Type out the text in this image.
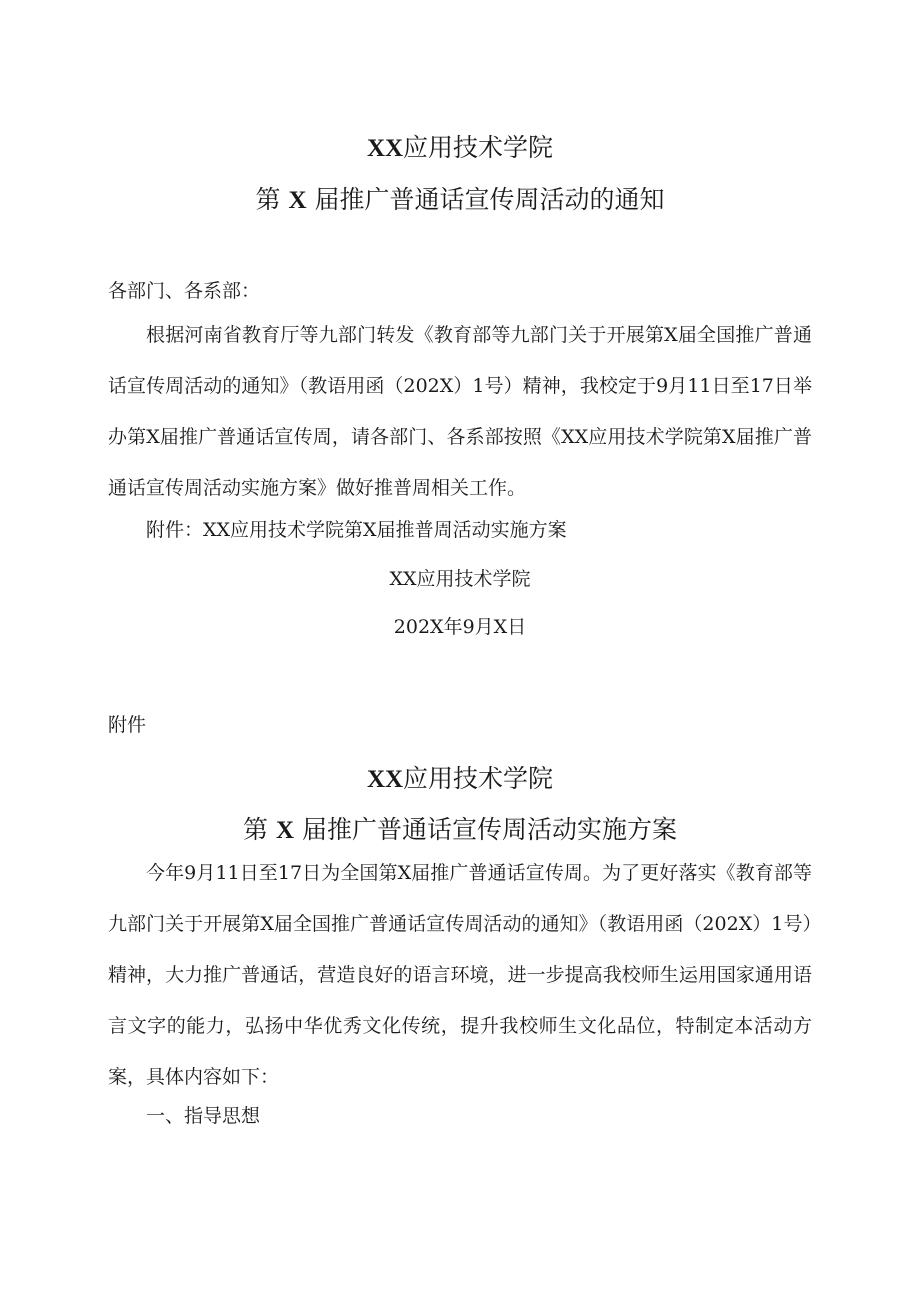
XX应用技术学院
第 X 届推广普通话宣传周活动的通知
各部门、各系部：
根据河南省教育厅等九部门转发《教育部等九部门关于开展第X届全国推广普通话宣传周活动的通知》（教语用函（202X）1号）精神，我校定于9月11日至17日举办第X届推广普通话宣传周，请各部门、各系部按照《XX应用技术学院第X届推广普通话宣传周活动实施方案》做好推普周相关工作。
附件：XX应用技术学院第X届推普周活动实施方案
XX应用技术学院
202X年9月X日
附件
XX应用技术学院
第 X 届推广普通话宣传周活动实施方案
今年9月11日至17日为全国第X届推广普通话宣传周。为了更好落实《教育部等九部门关于开展第X届全国推广普通话宣传周活动的通知》（教语用函（202X）1号）精神，大力推广普通话，营造良好的语言环境，进一步提高我校师生运用国家通用语言文字的能力，弘扬中华优秀文化传统，提升我校师生文化品位，特制定本活动方案，具体内容如下：
一、指导思想
